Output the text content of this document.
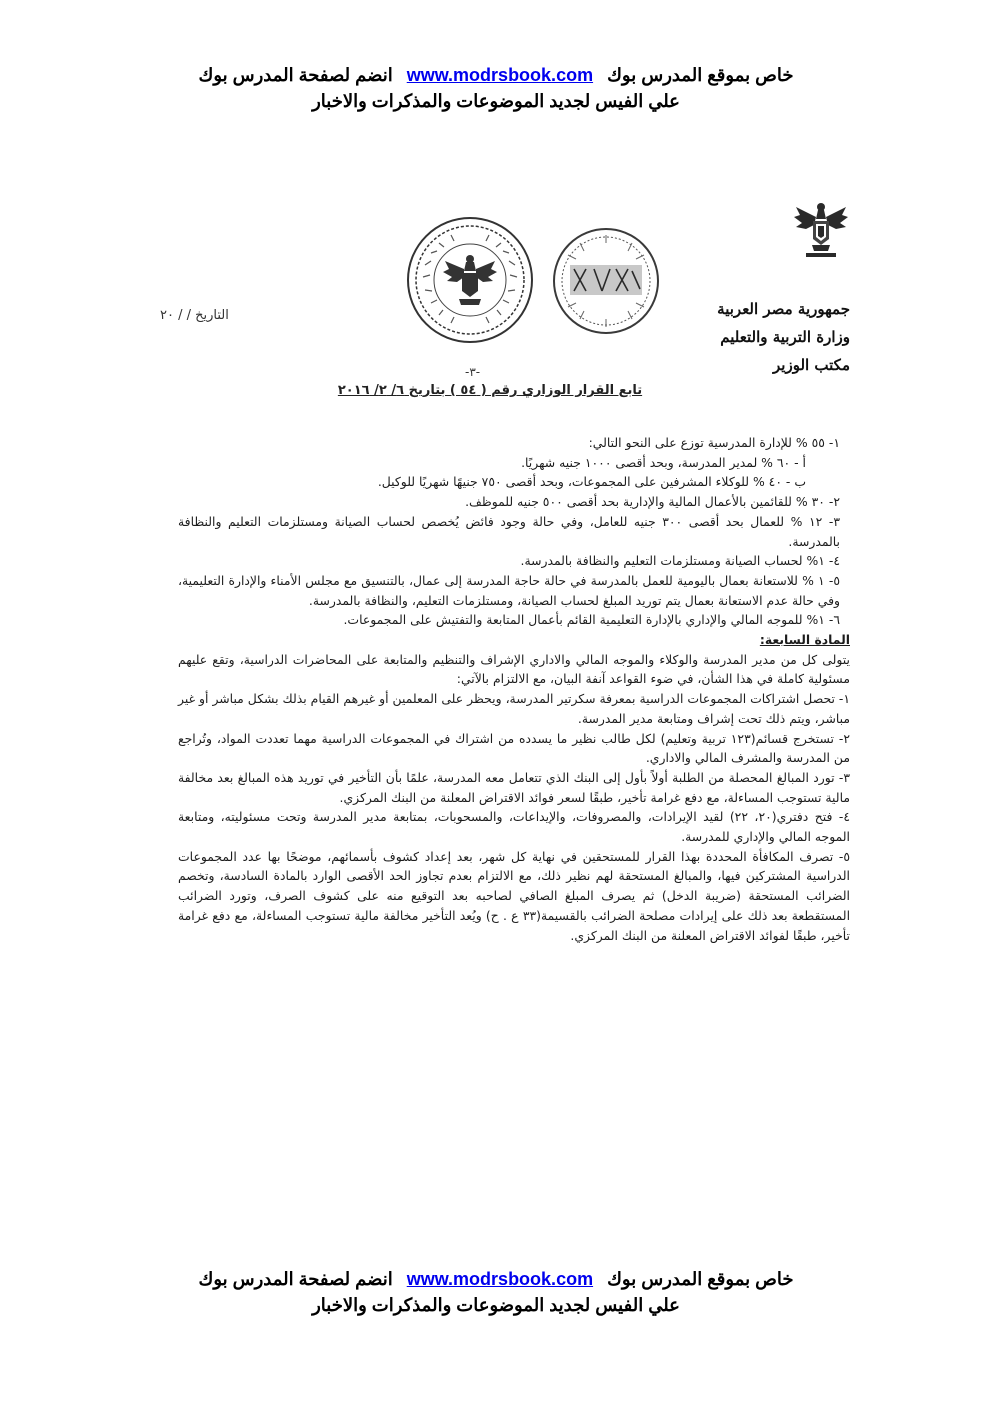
خاص بموقع المدرس بوكwww.modrsbook.comانضم لصفحة المدرس بوك
علي الفيس لجديد الموضوعات والمذكرات والاخبار
جمهورية مصر العربية
وزارة التربية والتعليم
مكتب الوزير
التاريخ / / ٢٠
-٣-
تابع القرار الوزاري رقم ( ٥٤ ) بتاريخ ٦/ ٢/ ٢٠١٦

١- ٥٥ % للإدارة المدرسية توزع على النحو التالي:

أ - ٦٠ % لمدير المدرسة، وبحد أقصى ١٠٠٠ جنيه شهريًا.

ب - ٤٠ % للوكلاء المشرفين على المجموعات، وبحد أقصى ٧٥٠ جنيهًا شهريًا للوكيل.

٢- ٣٠ % للقائمين بالأعمال المالية والإدارية بحد أقصى ٥٠٠ جنيه للموظف.

٣- ١٢ % للعمال بحد أقصى ٣٠٠ جنيه للعامل، وفي حالة وجود فائض يُخصص لحساب الصيانة ومستلزمات التعليم والنظافة بالمدرسة.

٤- ١% لحساب الصيانة ومستلزمات التعليم والنظافة بالمدرسة.

٥- ١ % للاستعانة بعمال باليومية للعمل بالمدرسة في حالة حاجة المدرسة إلى عمال، بالتنسيق مع مجلس الأمناء والإدارة التعليمية، وفي حالة عدم الاستعانة بعمال يتم توريد المبلغ لحساب الصيانة، ومستلزمات التعليم، والنظافة بالمدرسة.

٦- ١% للموجه المالي والإداري بالإدارة التعليمية القائم بأعمال المتابعة والتفتيش على المجموعات.

المادة السابعة:

يتولى كل من مدير المدرسة والوكلاء والموجه المالي والاداري الإشراف والتنظيم والمتابعة على المحاضرات الدراسية، وتقع عليهم مسئولية كاملة في هذا الشأن، في ضوء القواعد آنفة البيان، مع الالتزام بالآتي:

١- تحصل اشتراكات المجموعات الدراسية بمعرفة سكرتير المدرسة، ويحظر على المعلمين أو غيرهم القيام بذلك بشكل مباشر أو غير مباشر، ويتم ذلك تحت إشراف ومتابعة مدير المدرسة.

٢- تستخرج قسائم(١٢٣ تربية وتعليم) لكل طالب نظير ما يسدده من اشتراك في المجموعات الدراسية مهما تعددت المواد، وتُراجع من المدرسة والمشرف المالي والاداري.

٣- تورد المبالغ المحصلة من الطلبة أولاً بأول إلى البنك الذي تتعامل معه المدرسة، علمًا بأن التأخير في توريد هذه المبالغ بعد مخالفة مالية تستوجب المساءلة، مع دفع غرامة تأخير، طبقًا لسعر فوائد الاقتراض المعلنة من البنك المركزي.

٤- فتح دفتري(٢٠، ٢٢) لقيد الإيرادات، والمصروفات، والإيداعات، والمسحوبات، بمتابعة مدير المدرسة وتحت مسئوليته، ومتابعة الموجه المالي والإداري للمدرسة.

٥- تصرف المكافأة المحددة بهذا القرار للمستحقين في نهاية كل شهر، بعد إعداد كشوف بأسمائهم، موضحًا بها عدد المجموعات الدراسية المشتركين فيها، والمبالغ المستحقة لهم نظير ذلك، مع الالتزام بعدم تجاوز الحد الأقصى الوارد بالمادة السادسة، وتخصم الضرائب المستحقة (ضريبة الدخل) ثم يصرف المبلغ الصافي لصاحبه بعد التوقيع منه على كشوف الصرف، وتورد الضرائب المستقطعة بعد ذلك على إيرادات مصلحة الضرائب بالقسيمة(٣٣ ع . ح) ويُعد التأخير مخالفة مالية تستوجب المساءلة، مع دفع غرامة تأخير، طبقًا لفوائد الاقتراض المعلنة من البنك المركزي.

خاص بموقع المدرس بوكwww.modrsbook.comانضم لصفحة المدرس بوك
علي الفيس لجديد الموضوعات والمذكرات والاخبار
